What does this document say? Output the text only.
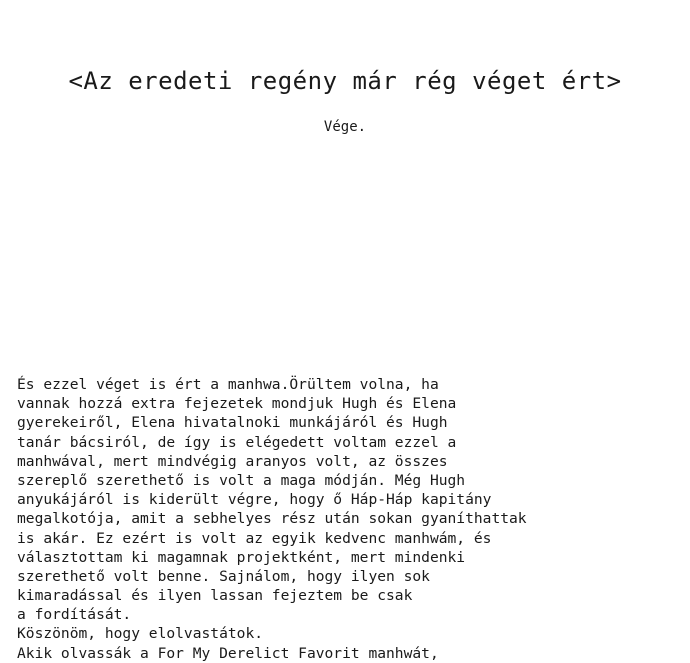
<Az eredeti regény már rég véget ért>
Vége.
És ezzel véget is ért a manhwa.Örültem volna, ha
vannak hozzá extra fejezetek mondjuk Hugh és Elena
gyerekeiről, Elena hivatalnoki munkájáról és Hugh
tanár bácsiról, de így is elégedett voltam ezzel a
manhwával, mert mindvégig aranyos volt, az összes
szereplő szerethető is volt a maga módján. Még Hugh
anyukájáról is kiderült végre, hogy ő Háp-Háp kapitány
megalkotója, amit a sebhelyes rész után sokan gyaníthattak
is akár. Ez ezért is volt az egyik kedvenc manhwám, és
választottam ki magamnak projektként, mert mindenki
szerethető volt benne. Sajnálom, hogy ilyen sok
kimaradással és ilyen lassan fejeztem be csak
a fordítását.
Köszönöm, hogy elolvastátok.
Akik olvassák a For My Derelict Favorit manhwát,
